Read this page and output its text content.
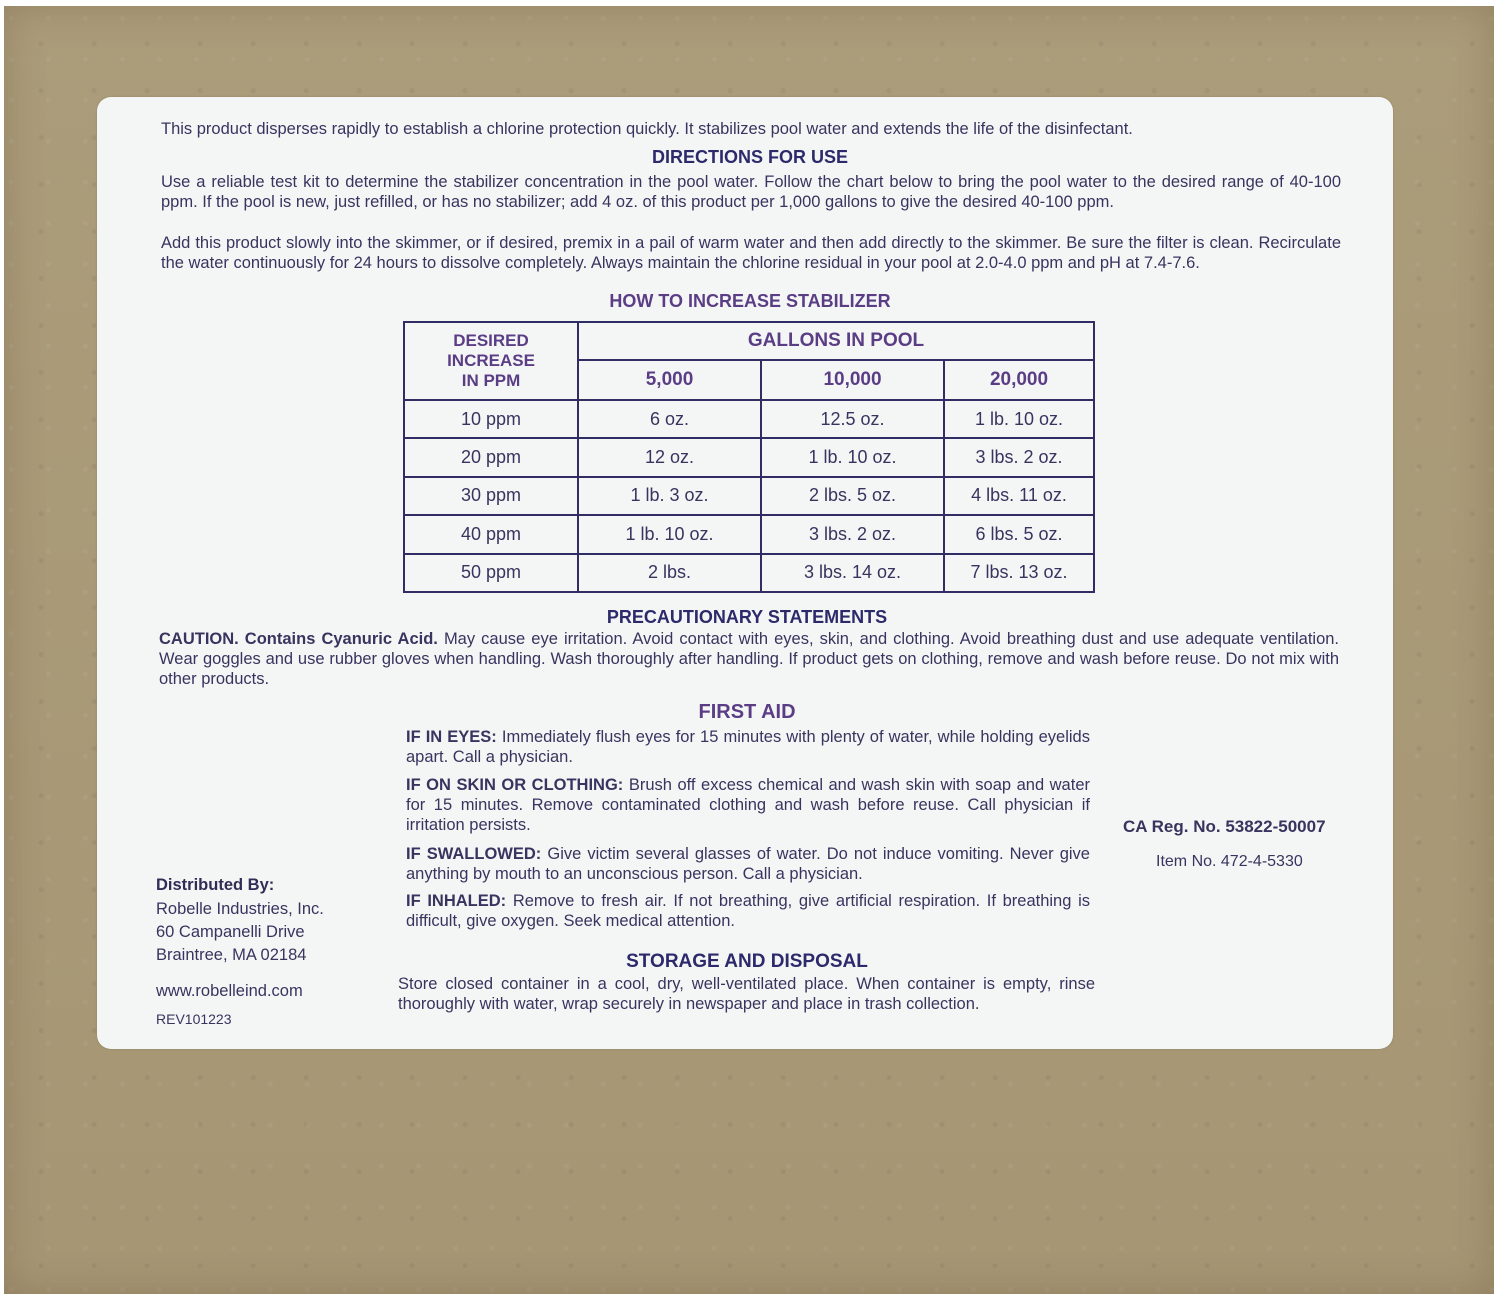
This product disperses rapidly to establish a chlorine protection quickly. It stabilizes pool water and extends the life of the disinfectant.
DIRECTIONS FOR USE
Use a reliable test kit to determine the stabilizer concentration in the pool water. Follow the chart below to bring the pool water to the desired range of 40-100 ppm. If the pool is new, just refilled, or has no stabilizer; add 4 oz. of this product per 1,000 gallons to give the desired 40-100 ppm.
Add this product slowly into the skimmer, or if desired, premix in a pail of warm water and then add directly to the skimmer. Be sure the filter is clean. Recirculate the water continuously for 24 hours to dissolve completely. Always maintain the chlorine residual in your pool at 2.0-4.0 ppm and pH at 7.4-7.6.
HOW TO INCREASE STABILIZER
DESIRED INCREASE IN PPM	GALLONS IN POOL		
	5,000	10,000	20,000
10 ppm	6 oz.	12.5 oz.	1 lb. 10 oz.
20 ppm	12 oz.	1 lb. 10 oz.	3 lbs. 2 oz.
30 ppm	1 lb. 3 oz.	2 lbs. 5 oz.	4 lbs. 11 oz.
40 ppm	1 lb. 10 oz.	3 lbs. 2 oz.	6 lbs. 5 oz.
50 ppm	2 lbs.	3 lbs. 14 oz.	7 lbs. 13 oz.
PRECAUTIONARY STATEMENTS
CAUTION. Contains Cyanuric Acid. May cause eye irritation. Avoid contact with eyes, skin, and clothing. Avoid breathing dust and use adequate ventilation. Wear goggles and use rubber gloves when handling. Wash thoroughly after handling. If product gets on clothing, remove and wash before reuse. Do not mix with other products.
FIRST AID
IF IN EYES: Immediately flush eyes for 15 minutes with plenty of water, while holding eyelids apart. Call a physician.
IF ON SKIN OR CLOTHING: Brush off excess chemical and wash skin with soap and water for 15 minutes. Remove contaminated clothing and wash before reuse. Call physician if irritation persists.
IF SWALLOWED: Give victim several glasses of water. Do not induce vomiting. Never give anything by mouth to an unconscious person. Call a physician.
IF INHALED: Remove to fresh air. If not breathing, give artificial respiration. If breathing is difficult, give oxygen. Seek medical attention.
STORAGE AND DISPOSAL
Store closed container in a cool, dry, well-ventilated place. When container is empty, rinse thoroughly with water, wrap securely in newspaper and place in trash collection.
Distributed By:
Robelle Industries, Inc.
60 Campanelli Drive
Braintree, MA 02184
www.robelleind.com
REV101223
CA Reg. No. 53822-50007
Item No. 472-4-5330
